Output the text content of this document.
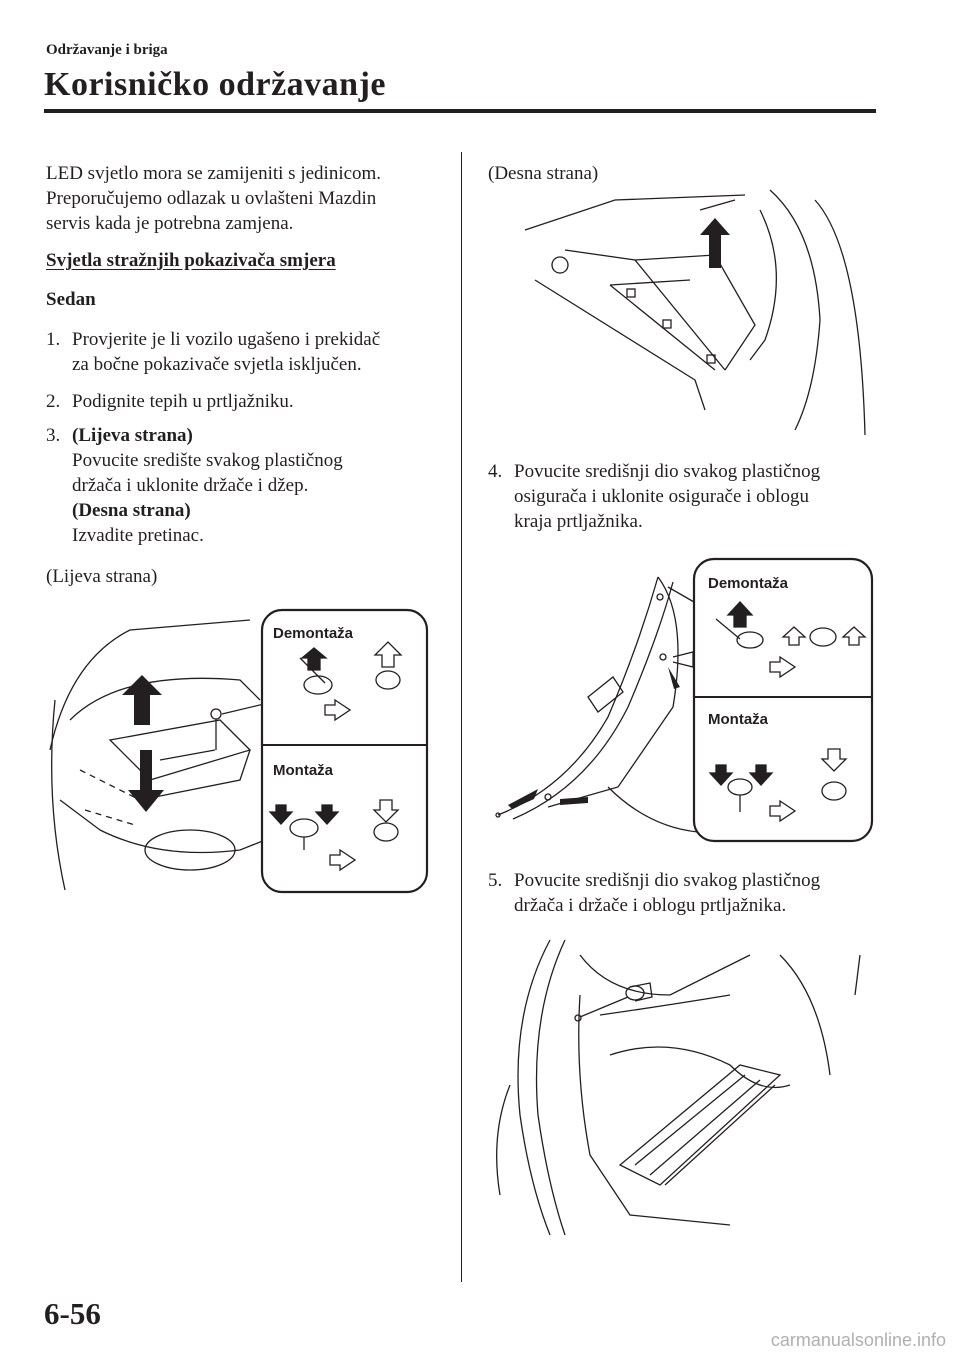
Održavanje i briga
Korisničko održavanje
LED svjetlo mora se zamijeniti s jedinicom.
Preporučujemo odlazak u ovlašteni Mazdin
servis kada je potrebna zamjena.
Svjetla stražnjih pokazivača smjera
Sedan
1. Provjerite je li vozilo ugašeno i prekidač
za bočne pokazivače svjetla isključen.
2. Podignite tepih u prtljažniku.
3. (Lijeva strana)
Povucite središte svakog plastičnog
držača i uklonite držače i džep.
(Desna strana)
Izvadite pretinac.
(Lijeva strana)
Demontaža
Montaža
(Desna strana)
4. Povucite središnji dio svakog plastičnog
osigurača i uklonite osigurače i oblogu
kraja prtljažnika.
Demontaža
Montaža
5. Povucite središnji dio svakog plastičnog
držača i držače i oblogu prtljažnika.
6-56
carmanualsonline.info
